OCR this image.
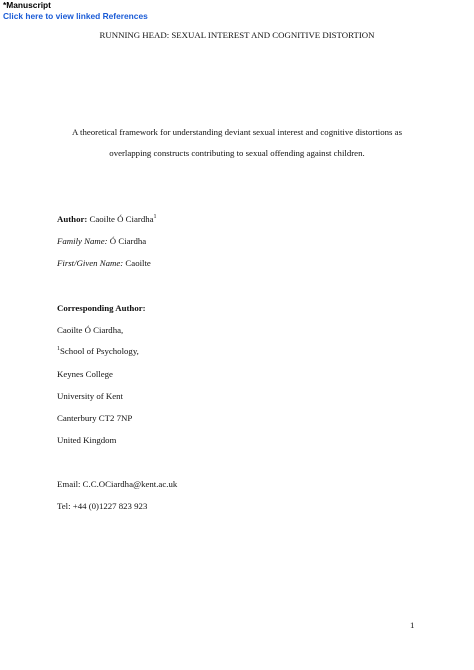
*Manuscript
Click here to view linked References
RUNNING HEAD: SEXUAL INTEREST AND COGNITIVE DISTORTION
A theoretical framework for understanding deviant sexual interest and cognitive distortions as
overlapping constructs contributing to sexual offending against children.
Author: Caoilte Ó Ciardha$^1$
Family Name: Ó Ciardha
First/Given Name: Caoilte
Corresponding Author:
Caoilte Ó Ciardha,
$^1$School of Psychology,
Keynes College
University of Kent
Canterbury CT2 7NP
United Kingdom
Email: C.C.OCiardha@kent.ac.uk
Tel: +44 (0)1227 823 923
1
